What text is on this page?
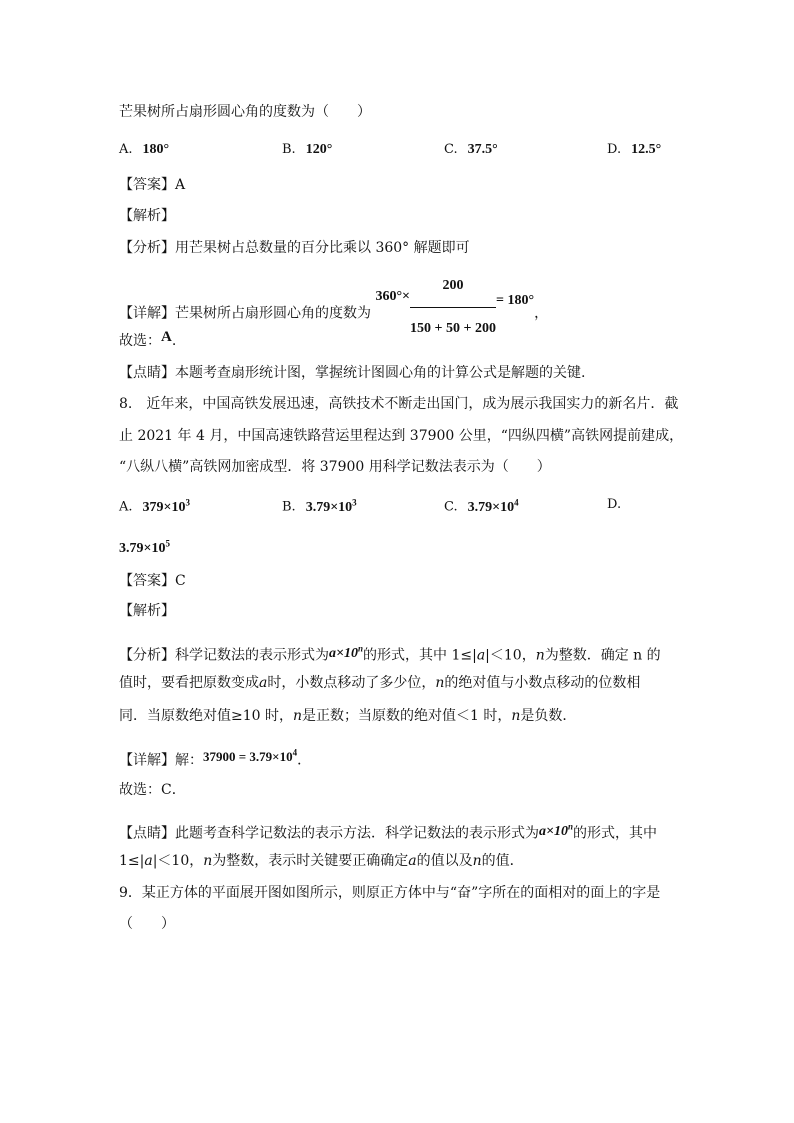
芒果树所占扇形圆心角的度数为（　　）
A. 180°	B. 120°	C. 37.5°	D. 12.5°
【答案】A
【解析】
【分析】用芒果树占总数量的百分比乘以 360° 解题即可
【详解】芒果树所占扇形圆心角的度数为 $360^\circ\times \frac{200}{150 + 50 + 200} = 180^\circ$，
故选：A.
【点睛】本题考查扇形统计图，掌握统计图圆心角的计算公式是解题的关键.
8.　近年来，中国高铁发展迅速，高铁技术不断走出国门，成为展示我国实力的新名片．截
止 2021 年 4 月，中国高速铁路营运里程达到 37900 公里，“四纵四横”高铁网提前建成，
“八纵八横”高铁网加密成型．将 37900 用科学记数法表示为（　　）
A. $379\times 10^3$	B. $3.79\times 10^3$	C. $3.79\times 10^4$	D.
$3.79\times 10^5$
【答案】C
【解析】
【分析】科学记数法的表示形式为$a\times 10^n$的形式，其中 1≤|a|＜10，n为整数．确定 n 的
值时，要看把原数变成a时，小数点移动了多少位，n的绝对值与小数点移动的位数相
同．当原数绝对值≥10 时，n是正数；当原数的绝对值＜1 时，n是负数．
【详解】解：$37900 = 3.79\times 10^4$．
故选：C．
【点睛】此题考查科学记数法的表示方法．科学记数法的表示形式为$a\times 10^n$的形式，其中
1≤|a|＜10，n为整数，表示时关键要正确确定a的值以及n的值．
9．某正方体的平面展开图如图所示，则原正方体中与“奋”字所在的面相对的面上的字是
（　　）
